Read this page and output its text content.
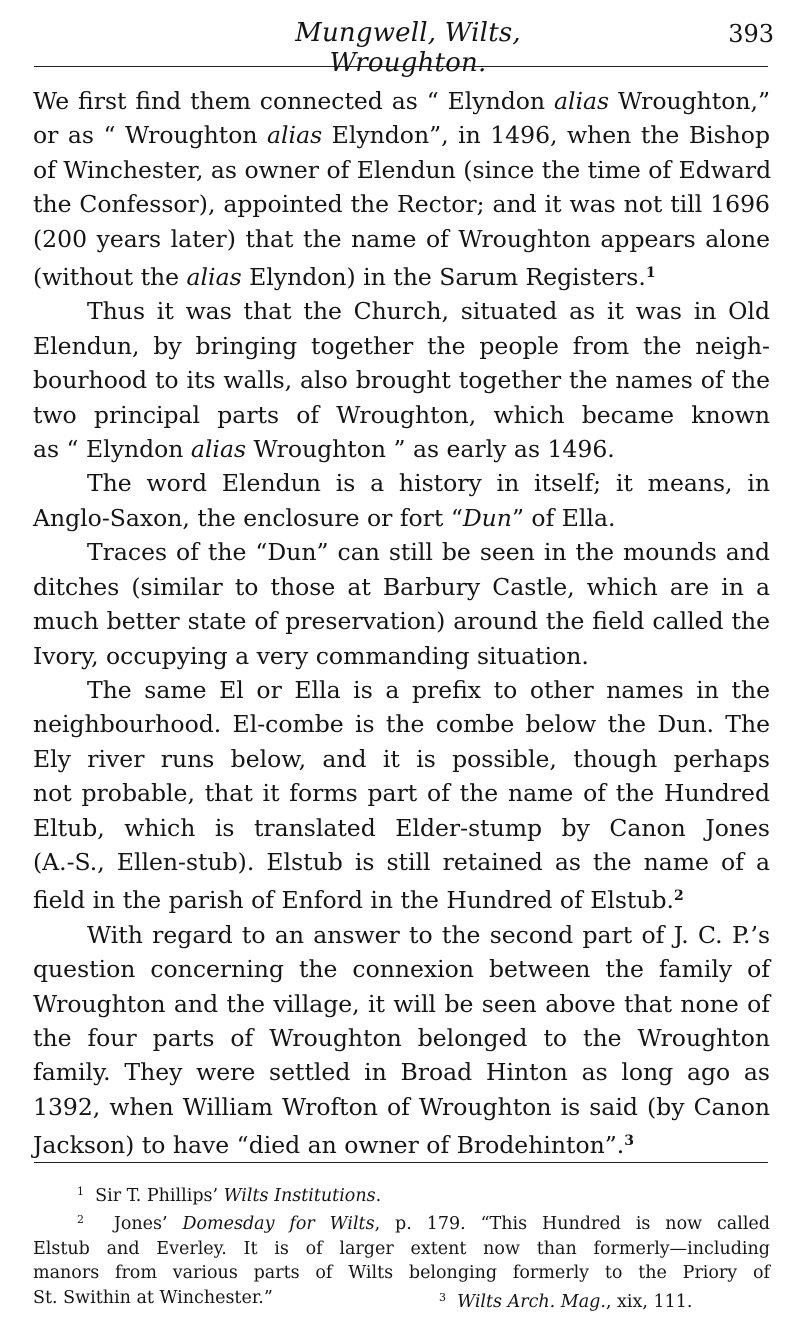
Mungwell, Wilts, Wroughton.
393

We first find them connected as “ Elyndon alias Wroughton,”
or as “ Wroughton alias Elyndon”, in 1496, when the Bishop
of Winchester, as owner of Elendun (since the time of Edward
the Confessor), appointed the Rector; and it was not till 1696
(200 years later) that the name of Wroughton appears alone
(without the alias Elyndon) in the Sarum Registers.$^1$

Thus it was that the Church, situated as it was in Old
Elendun, by bringing together the people from the neigh-
bourhood to its walls, also brought together the names of the
two principal parts of Wroughton, which became known
as “ Elyndon alias Wroughton ” as early as 1496.

The word Elendun is a history in itself; it means, in
Anglo-Saxon, the enclosure or fort “Dun” of Ella.

Traces of the “Dun” can still be seen in the mounds and
ditches (similar to those at Barbury Castle, which are in a
much better state of preservation) around the field called the
Ivory, occupying a very commanding situation.

The same El or Ella is a prefix to other names in the
neighbourhood. El-combe is the combe below the Dun. The
Ely river runs below, and it is possible, though perhaps
not probable, that it forms part of the name of the Hundred
Eltub, which is translated Elder-stump by Canon Jones
(A.-S., Ellen-stub). Elstub is still retained as the name of a
field in the parish of Enford in the Hundred of Elstub.$^2$

With regard to an answer to the second part of J. C. P.’s
question concerning the connexion between the family of
Wroughton and the village, it will be seen above that none of
the four parts of Wroughton belonged to the Wroughton
family. They were settled in Broad Hinton as long ago as
1392, when William Wrofton of Wroughton is said (by Canon
Jackson) to have “died an owner of Brodehinton”.$^3$

$^1$ Sir T. Phillips’ Wilts Institutions.
$^2$ Jones’ Domesday for Wilts, p. 179. “This Hundred is now called
Elstub and Everley. It is of larger extent now than formerly—including
manors from various parts of Wilts belonging formerly to the Priory of
St. Swithin at Winchester.”	$^3$ Wilts Arch. Mag., xix, 111.
